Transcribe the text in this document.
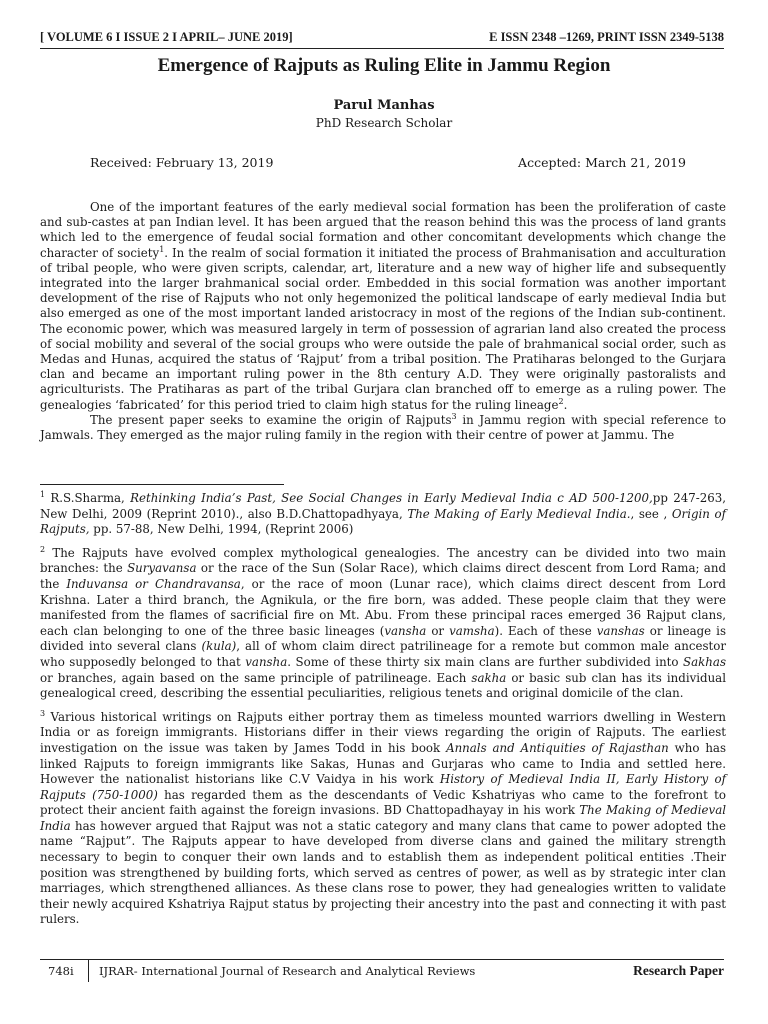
[ VOLUME 6 I ISSUE 2 I APRIL– JUNE 2019]	E ISSN 2348 –1269, PRINT ISSN 2349-5138
Emergence of Rajputs as Ruling Elite in Jammu Region
Parul Manhas
PhD Research Scholar
Received: February 13, 2019	Accepted: March 21, 2019

One of the important features of the early medieval social formation has been the proliferation of caste and sub-castes at pan Indian level. It has been argued that the reason behind this was the process of land grants which led to the emergence of feudal social formation and other concomitant developments which change the character of society$^1$. In the realm of social formation it initiated the process of Brahmanisation and acculturation of tribal people, who were given scripts, calendar, art, literature and a new way of higher life and subsequently integrated into the larger brahmanical social order. Embedded in this social formation was another important development of the rise of Rajputs who not only hegemonized the political landscape of early medieval India but also emerged as one of the most important landed aristocracy in most of the regions of the Indian sub-continent. The economic power, which was measured largely in term of possession of agrarian land also created the process of social mobility and several of the social groups who were outside the pale of brahmanical social order, such as Medas and Hunas, acquired the status of ‘Rajput’ from a tribal position. The Pratiharas belonged to the Gurjara clan and became an important ruling power in the 8th century A.D. They were originally pastoralists and agriculturists. The Pratiharas as part of the tribal Gurjara clan branched off to emerge as a ruling power. The genealogies ‘fabricated’ for this period tried to claim high status for the ruling lineage$^2$.

The present paper seeks to examine the origin of Rajputs$^3$ in Jammu region with special reference to Jamwals. They emerged as the major ruling family in the region with their centre of power at Jammu. The

$^1$ R.S.Sharma, Rethinking India’s Past, See Social Changes in Early Medieval India c AD 500-1200,pp 247-263, New Delhi, 2009 (Reprint 2010)., also B.D.Chattopadhyaya, The Making of Early Medieval India., see , Origin of Rajputs, pp. 57-88, New Delhi, 1994, (Reprint 2006)

$^2$ The Rajputs have evolved complex mythological genealogies. The ancestry can be divided into two main branches: the Suryavansa or the race of the Sun (Solar Race), which claims direct descent from Lord Rama; and the Induvansa or Chandravansa, or the race of moon (Lunar race), which claims direct descent from Lord Krishna. Later a third branch, the Agnikula, or the fire born, was added. These people claim that they were manifested from the flames of sacrificial fire on Mt. Abu. From these principal races emerged 36 Rajput clans, each clan belonging to one of the three basic lineages (vansha or vamsha). Each of these vanshas or lineage is divided into several clans (kula), all of whom claim direct patrilineage for a remote but common male ancestor who supposedly belonged to that vansha. Some of these thirty six main clans are further subdivided into Sakhas or branches, again based on the same principle of patrilineage. Each sakha or basic sub clan has its individual genealogical creed, describing the essential peculiarities, religious tenets and original domicile of the clan.

$^3$ Various historical writings on Rajputs either portray them as timeless mounted warriors dwelling in Western India or as foreign immigrants. Historians differ in their views regarding the origin of Rajputs. The earliest investigation on the issue was taken by James Todd in his book Annals and Antiquities of Rajasthan who has linked Rajputs to foreign immigrants like Sakas, Hunas and Gurjaras who came to India and settled here. However the nationalist historians like C.V Vaidya in his work History of Medieval India II, Early History of Rajputs (750-1000) has regarded them as the descendants of Vedic Kshatriyas who came to the forefront to protect their ancient faith against the foreign invasions. BD Chattopadhayay in his work The Making of Medieval India has however argued that Rajput was not a static category and many clans that came to power adopted the name “Rajput”. The Rajputs appear to have developed from diverse clans and gained the military strength necessary to begin to conquer their own lands and to establish them as independent political entities .Their position was strengthened by building forts, which served as centres of power, as well as by strategic inter clan marriages, which strengthened alliances. As these clans rose to power, they had genealogies written to validate their newly acquired Kshatriya Rajput status by projecting their ancestry into the past and connecting it with past rulers.

748i	IJRAR- International Journal of Research and Analytical Reviews	Research Paper
